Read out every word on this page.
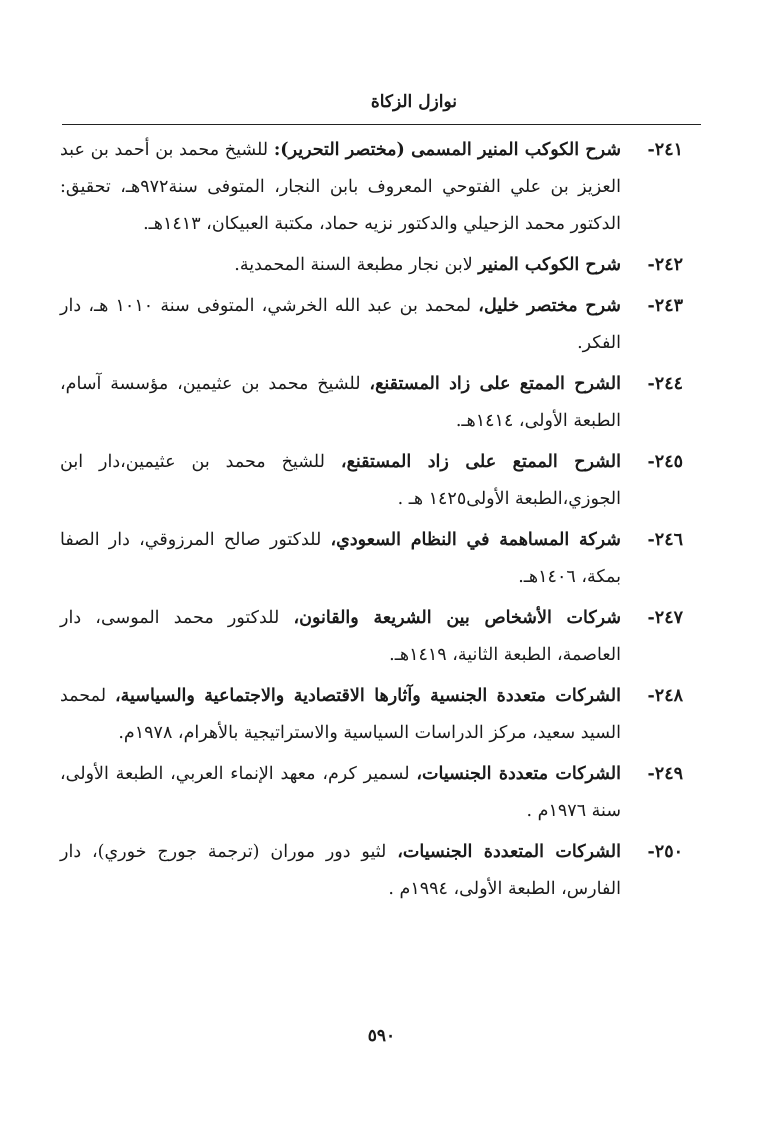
نوازل الزكاة
٢٤١-
شرح الكوكب المنير المسمى (مختصر التحرير): للشيخ محمد بن أحمد بن عبد العزيز بن علي الفتوحي المعروف بابن النجار، المتوفى سنة٩٧٢هـ، تحقيق: الدكتور محمد الزحيلي والدكتور نزيه حماد، مكتبة العبيكان، ١٤١٣هـ.
٢٤٢-
شرح الكوكب المنير لابن نجار مطبعة السنة المحمدية.
٢٤٣-
شرح مختصر خليل، لمحمد بن عبد الله الخرشي، المتوفى سنة ١٠١٠ هـ، دار الفكر.
٢٤٤-
الشرح الممتع على زاد المستقنع، للشيخ محمد بن عثيمين، مؤسسة آسام، الطبعة الأولى، ١٤١٤هـ.
٢٤٥-
الشرح الممتع على زاد المستقنع، للشيخ محمد بن عثيمين،دار ابن الجوزي،الطبعة الأولى١٤٢٥ هـ .
٢٤٦-
شركة المساهمة في النظام السعودي، للدكتور صالح المرزوقي، دار الصفا بمكة، ١٤٠٦هـ.
٢٤٧-
شركات الأشخاص بين الشريعة والقانون، للدكتور محمد الموسى، دار العاصمة، الطبعة الثانية، ١٤١٩هـ.
٢٤٨-
الشركات متعددة الجنسية وآثارها الاقتصادية والاجتماعية والسياسية، لمحمد السيد سعيد، مركز الدراسات السياسية والاستراتيجية بالأهرام، ١٩٧٨م.
٢٤٩-
الشركات متعددة الجنسيات، لسمير كرم، معهد الإنماء العربي، الطبعة الأولى، سنة ١٩٧٦م .
٢٥٠-
الشركات المتعددة الجنسيات، لثيو دور موران (ترجمة جورج خوري)، دار الفارس، الطبعة الأولى، ١٩٩٤م .
٥٩٠
